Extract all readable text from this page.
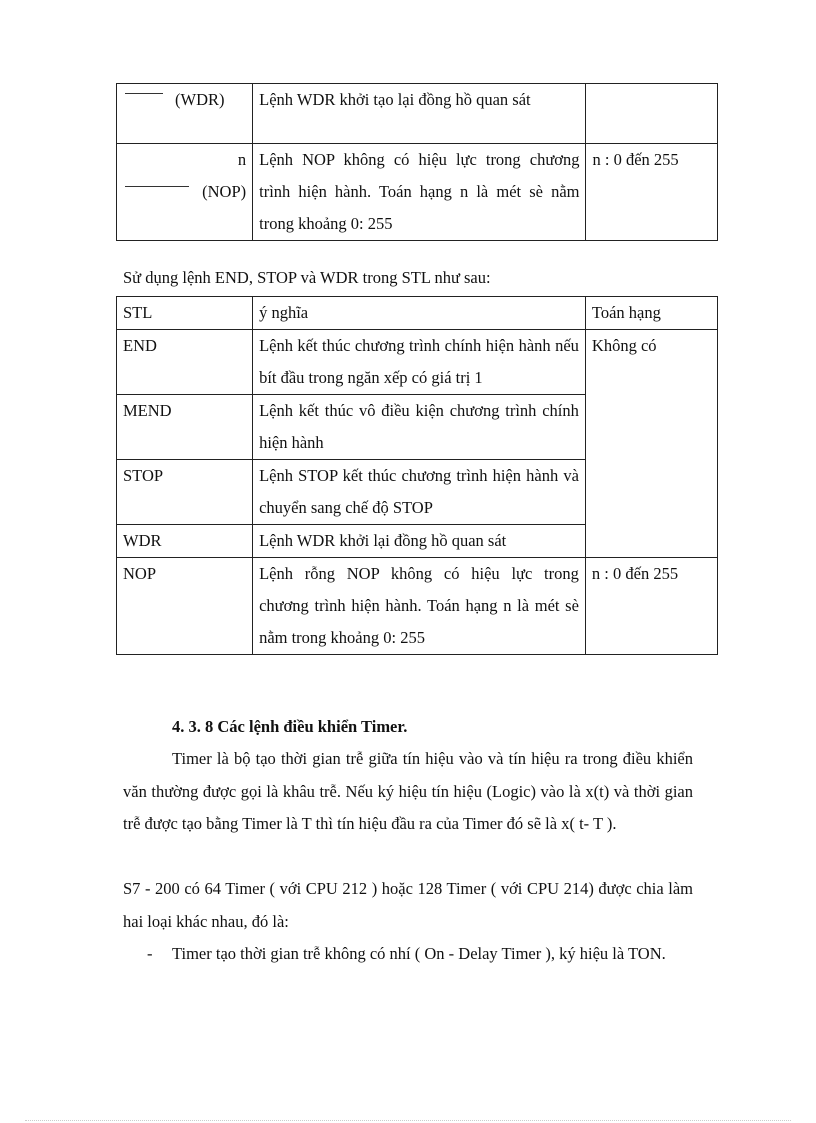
(WDR)	Lệnh WDR khởi tạo lại đồng hồ quan sát	

n
(NOP)	Lệnh NOP không có hiệu lực trong chương trình hiện hành. Toán hạng n là mét sè nằm trong khoảng 0: 255	n : 0 đến 255
Sử dụng lệnh END, STOP và WDR trong STL như sau:
STL	ý nghĩa	Toán hạng
END	Lệnh kết thúc chương trình chính hiện hành nếu bít đầu trong ngăn xếp có giá trị 1	Không có
MEND	Lệnh kết thúc vô điều kiện chương trình chính hiện hành	
STOP	Lệnh STOP kết thúc chương trình hiện hành và chuyển sang chế độ STOP	
WDR	Lệnh WDR khởi lại đồng hồ quan sát	
NOP	Lệnh rỗng NOP không có hiệu lực trong chương trình hiện hành. Toán hạng n là mét sè nằm trong khoảng 0: 255	n : 0 đến 255
4. 3. 8 Các lệnh điều khiển Timer.
Timer là bộ tạo thời gian trễ giữa tín hiệu vào và tín hiệu ra trong điều khiển văn thường được gọi là khâu trễ. Nếu ký hiệu tín hiệu (Logic) vào là x(t) và thời gian trễ được tạo bằng Timer là T thì tín hiệu đầu ra của Timer đó sẽ là x( t- T ).
S7 - 200 có 64 Timer ( với CPU 212 ) hoặc 128 Timer ( với CPU 214) được chia làm hai loại khác nhau, đó là:
- Timer tạo thời gian trễ không có nhí ( On - Delay Timer ), ký hiệu là TON.
